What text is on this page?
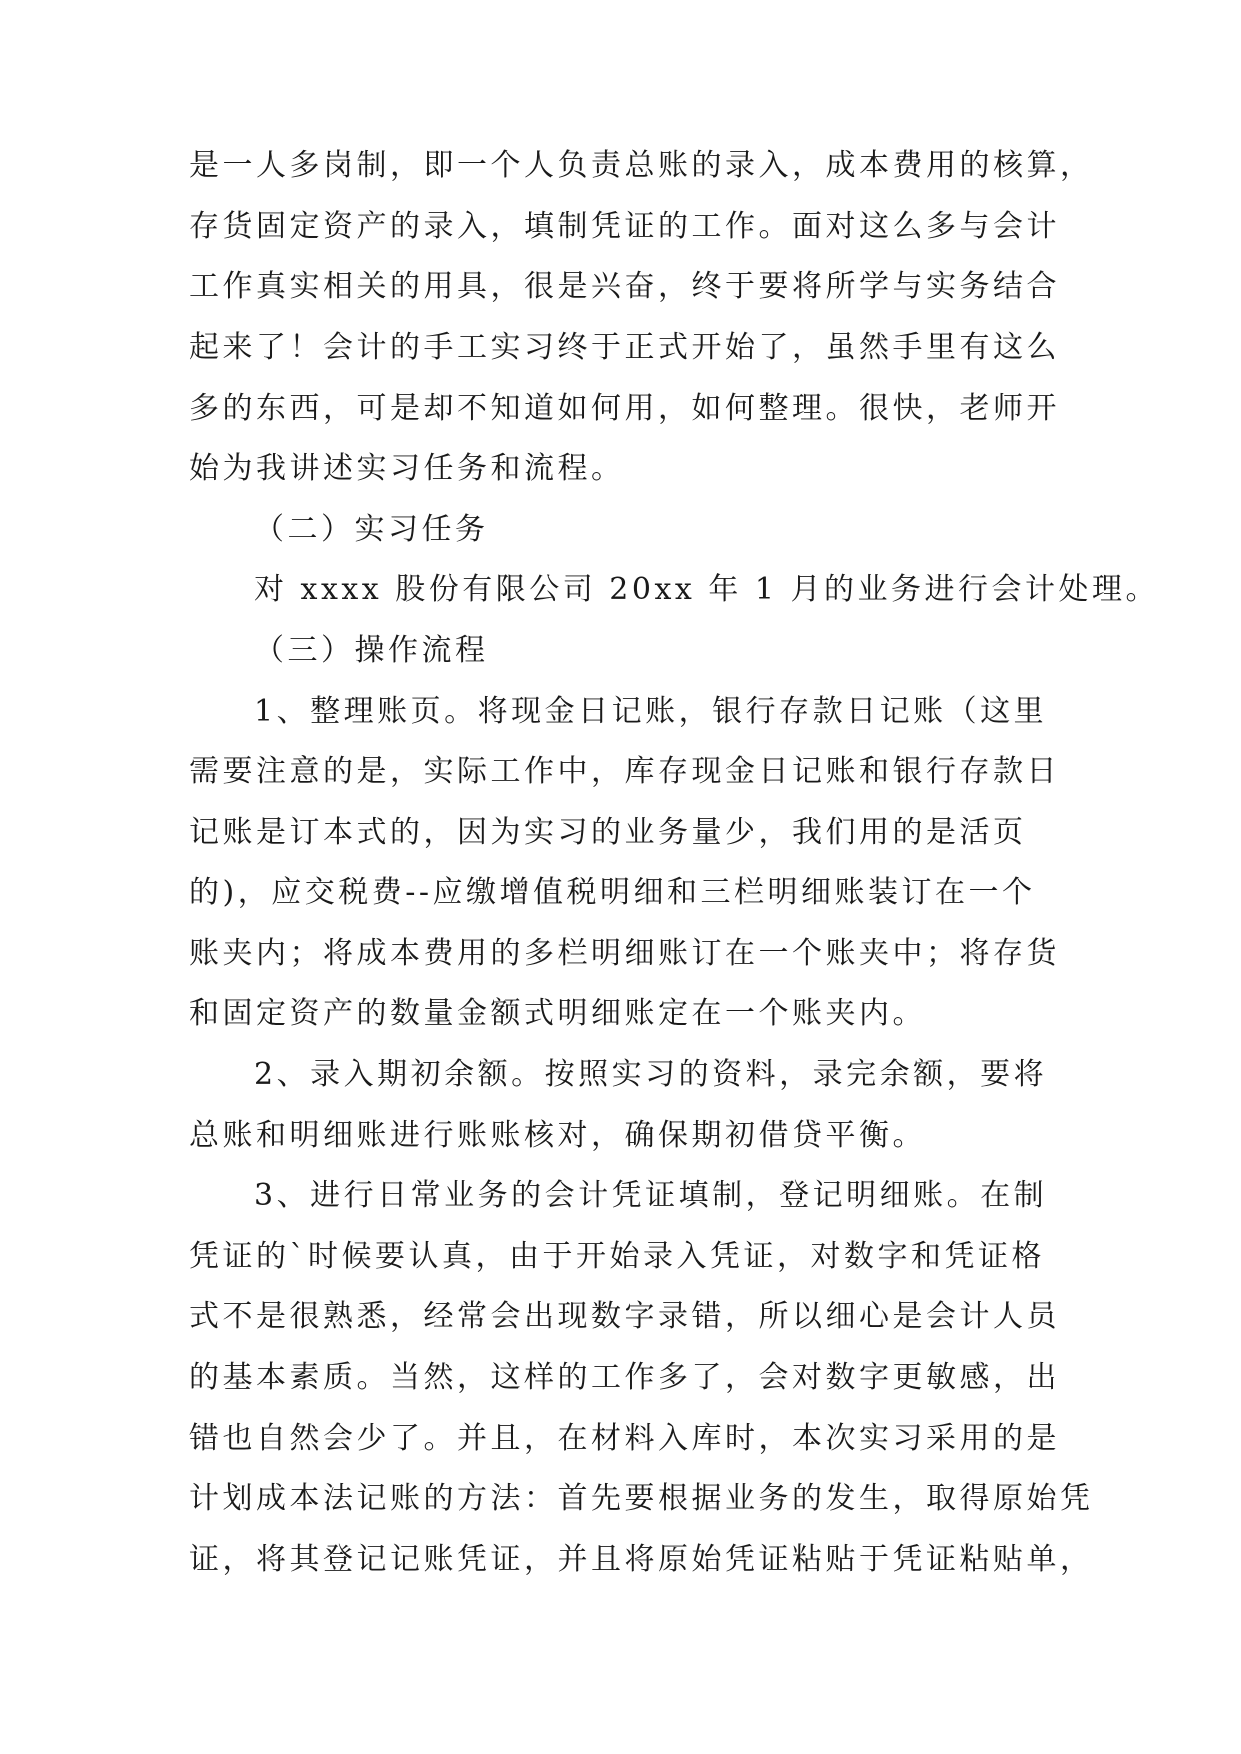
是一人多岗制，即一个人负责总账的录入，成本费用的核算，
存货固定资产的录入，填制凭证的工作。面对这么多与会计
工作真实相关的用具，很是兴奋，终于要将所学与实务结合
起来了！会计的手工实习终于正式开始了，虽然手里有这么
多的东西，可是却不知道如何用，如何整理。很快，老师开
始为我讲述实习任务和流程。
（二）实习任务
对 xxxx 股份有限公司 20xx 年 1 月的业务进行会计处理。
（三）操作流程
1、整理账页。将现金日记账，银行存款日记账（这里
需要注意的是，实际工作中，库存现金日记账和银行存款日
记账是订本式的，因为实习的业务量少，我们用的是活页
的)，应交税费--应缴增值税明细和三栏明细账装订在一个
账夹内；将成本费用的多栏明细账订在一个账夹中；将存货
和固定资产的数量金额式明细账定在一个账夹内。
2、录入期初余额。按照实习的资料，录完余额，要将
总账和明细账进行账账核对，确保期初借贷平衡。
3、进行日常业务的会计凭证填制，登记明细账。在制
凭证的`时候要认真，由于开始录入凭证，对数字和凭证格
式不是很熟悉，经常会出现数字录错，所以细心是会计人员
的基本素质。当然，这样的工作多了，会对数字更敏感，出
错也自然会少了。并且，在材料入库时，本次实习采用的是
计划成本法记账的方法：首先要根据业务的发生，取得原始凭
证，将其登记记账凭证，并且将原始凭证粘贴于凭证粘贴单，
